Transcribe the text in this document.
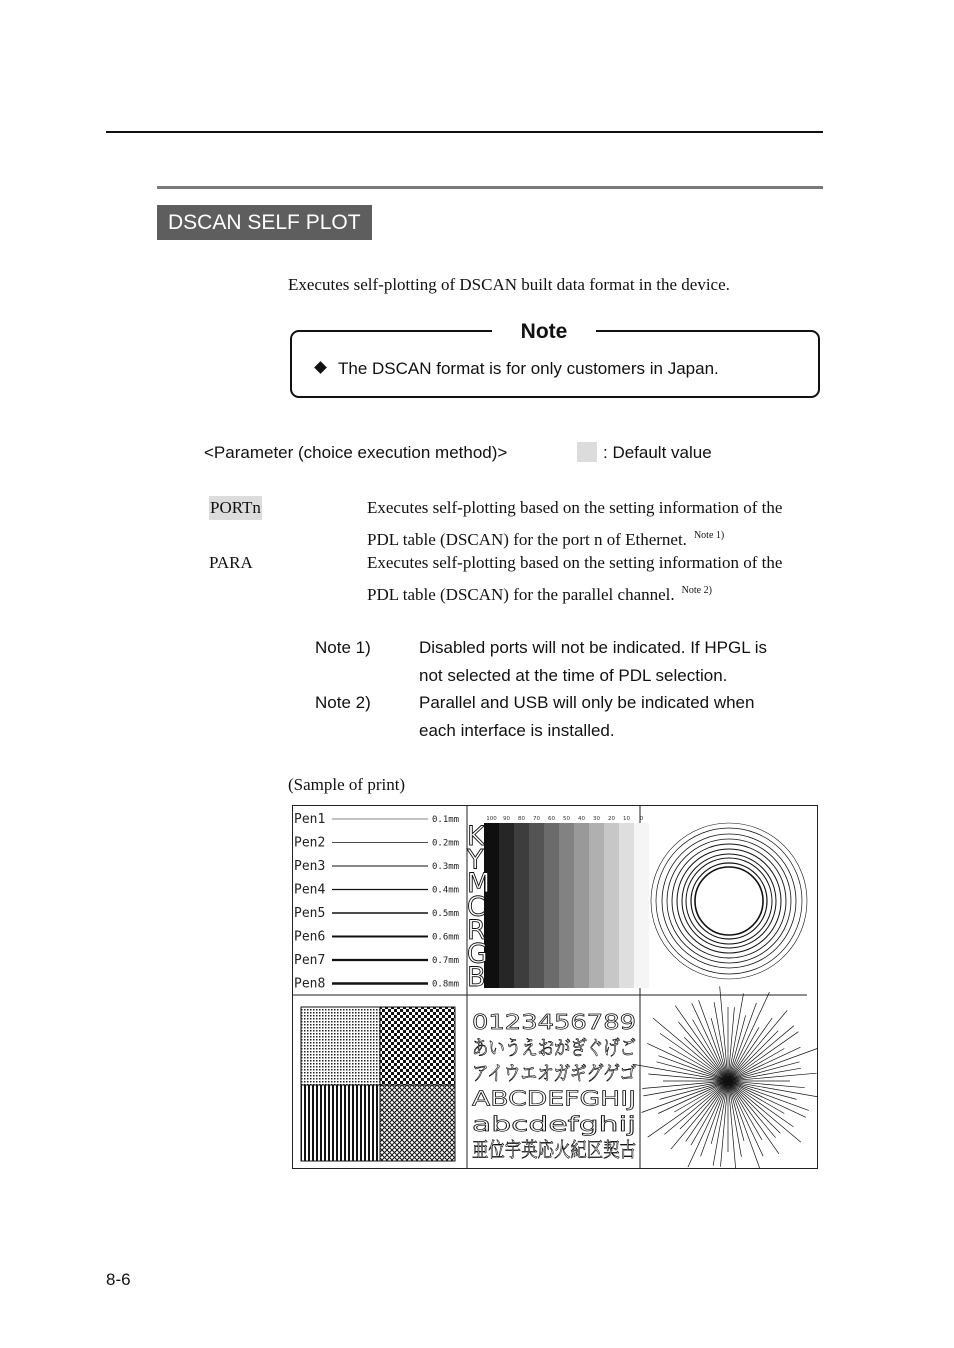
DSCAN SELF PLOT
Executes self-plotting of DSCAN built data format in the device.
Note
The DSCAN format is for only customers in Japan.
<Parameter (choice execution method)>	: Default value
PORTn	Executes self-plotting based on the setting information of the
PDL table (DSCAN) for the port n of Ethernet. $^{Note 1)}$
PARA	Executes self-plotting based on the setting information of the
PDL table (DSCAN) for the parallel channel. $^{Note 2)}$
Note 1)	Disabled ports will not be indicated. If HPGL is
not selected at the time of PDL selection.
Note 2)	Parallel and USB will only be indicated when
each interface is installed.
(Sample of print)
Pen1	0.1mm
Pen2	0.2mm
Pen3	0.3mm
Pen4	0.4mm
Pen5	0.5mm
Pen6	0.6mm
Pen7	0.7mm
Pen8	0.8mm
100 90 80 70 60 50 40 30 20 10 0
K
Y
M
C
R
G
B
0123456789
あいうえおがぎぐげご
アイウエオガギグゲゴ
ABCDEFGHIJ
abcdefghij
亜位宇英応火紀区契古
8-6
